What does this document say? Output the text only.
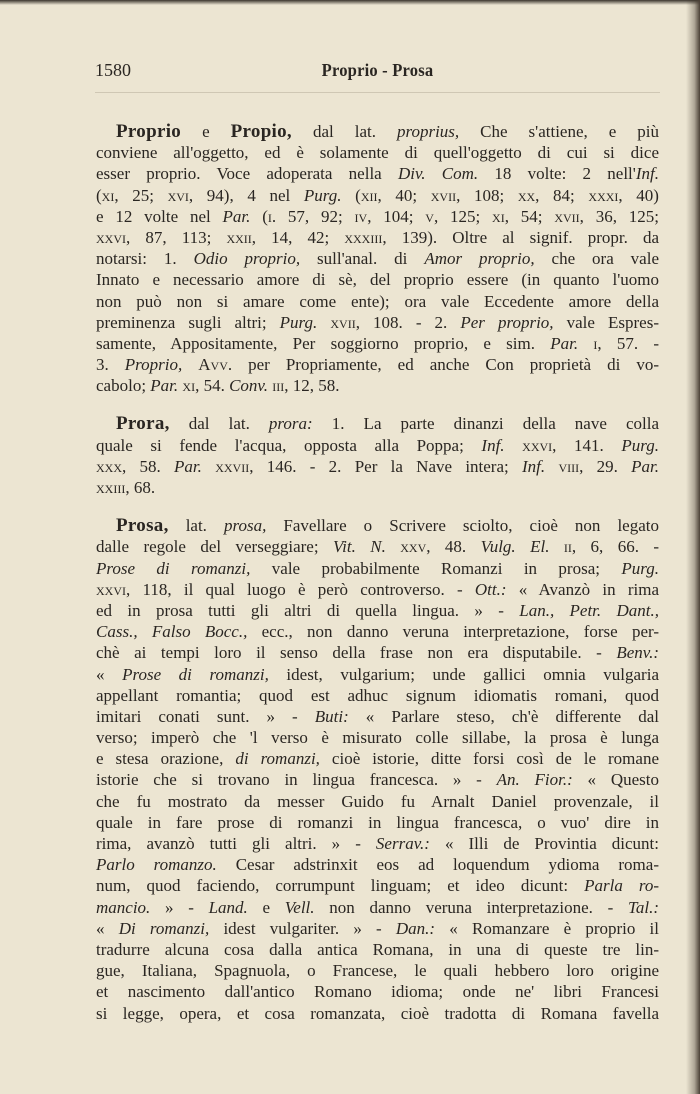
1580	Proprio - Prosa
Proprio e Propio, dal lat. proprius, Che s'attiene, e più
conviene all'oggetto, ed è solamente di quell'oggetto di cui si dice
esser proprio. Voce adoperata nella Div. Com. 18 volte: 2 nell'Inf.
(xi, 25; xvi, 94), 4 nel Purg. (xii, 40; xvii, 108; xx, 84; xxxi, 40)
e 12 volte nel Par. (i. 57, 92; iv, 104; v, 125; xi, 54; xvii, 36, 125;
xxvi, 87, 113; xxii, 14, 42; xxxiii, 139). Oltre al signif. propr. da
notarsi: 1. Odio proprio, sull'anal. di Amor proprio, che ora vale
Innato e necessario amore di sè, del proprio essere (in quanto l'uomo
non può non si amare come ente); ora vale Eccedente amore della
preminenza sugli altri; Purg. xvii, 108. - 2. Per proprio, vale Espres-
samente, Appositamente, Per soggiorno proprio, e sim. Par. i, 57. -
3. Proprio, Avv. per Propriamente, ed anche Con proprietà di vo-
cabolo; Par. xi, 54. Conv. iii, 12, 58.
Prora, dal lat. prora: 1. La parte dinanzi della nave colla
quale si fende l'acqua, opposta alla Poppa; Inf. xxvi, 141. Purg.
xxx, 58. Par. xxvii, 146. - 2. Per la Nave intera; Inf. viii, 29. Par.
xxiii, 68.
Prosa, lat. prosa, Favellare o Scrivere sciolto, cioè non legato
dalle regole del verseggiare; Vit. N. xxv, 48. Vulg. El. ii, 6, 66. -
Prose di romanzi, vale probabilmente Romanzi in prosa; Purg.
xxvi, 118, il qual luogo è però controverso. - Ott.: « Avanzò in rima
ed in prosa tutti gli altri di quella lingua. » - Lan., Petr. Dant.,
Cass., Falso Bocc., ecc., non danno veruna interpretazione, forse per-
chè ai tempi loro il senso della frase non era disputabile. - Benv.:
« Prose di romanzi, idest, vulgarium; unde gallici omnia vulgaria
appellant romantia; quod est adhuc signum idiomatis romani, quod
imitari conati sunt. » - Buti: « Parlare steso, ch'è differente dal
verso; imperò che 'l verso è misurato colle sillabe, la prosa è lunga
e stesa orazione, di romanzi, cioè istorie, ditte forsi così de le romane
istorie che si trovano in lingua francesca. » - An. Fior.: « Questo
che fu mostrato da messer Guido fu Arnalt Daniel provenzale, il
quale in fare prose di romanzi in lingua francesca, o vuo' dire in
rima, avanzò tutti gli altri. » - Serrav.: « Illi de Provintia dicunt:
Parlo romanzo. Cesar adstrinxit eos ad loquendum ydioma roma-
num, quod faciendo, corrumpunt linguam; et ideo dicunt: Parla ro-
mancio. » - Land. e Vell. non danno veruna interpretazione. - Tal.:
« Di romanzi, idest vulgariter. » - Dan.: « Romanzare è proprio il
tradurre alcuna cosa dalla antica Romana, in una di queste tre lin-
gue, Italiana, Spagnuola, o Francese, le quali hebbero loro origine
et nascimento dall'antico Romano idioma; onde ne' libri Francesi
si legge, opera, et cosa romanzata, cioè tradotta di Romana favella
